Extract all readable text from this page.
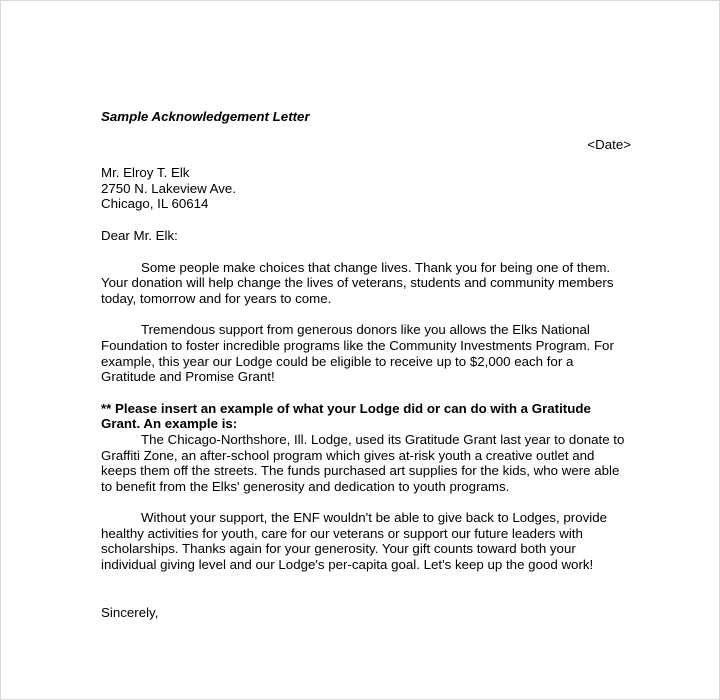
Sample Acknowledgement Letter

<Date>

Mr. Elroy T. Elk

2750 N. Lakeview Ave.

Chicago, IL 60614

Dear Mr. Elk:

Some people make choices that change lives. Thank you for being one of them. Your donation will help change the lives of veterans, students and community members today, tomorrow and for years to come.

Tremendous support from generous donors like you allows the Elks National Foundation to foster incredible programs like the Community Investments Program. For example, this year our Lodge could be eligible to receive up to $2,000 each for a Gratitude and Promise Grant!

** Please insert an example of what your Lodge did or can do with a Gratitude Grant. An example is:

The Chicago-Northshore, Ill. Lodge, used its Gratitude Grant last year to donate to Graffiti Zone, an after-school program which gives at-risk youth a creative outlet and keeps them off the streets. The funds purchased art supplies for the kids, who were able to benefit from the Elks' generosity and dedication to youth programs.

Without your support, the ENF wouldn't be able to give back to Lodges, provide healthy activities for youth, care for our veterans or support our future leaders with scholarships. Thanks again for your generosity. Your gift counts toward both your individual giving level and our Lodge's per-capita goal. Let's keep up the good work!

Sincerely,
